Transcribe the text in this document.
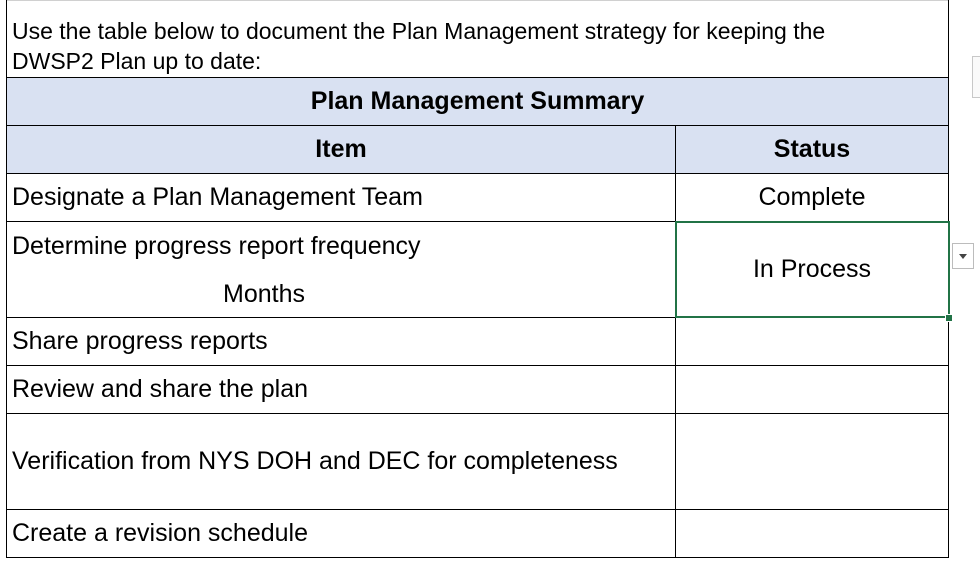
Use the table below to document the Plan Management strategy for keeping the
DWSP2 Plan up to date:
Plan Management Summary
Item	Status
Designate a Plan Management Team	Complete
Determine progress report frequency
Months
In Process
Share progress reports
Review and share the plan
Verification from NYS DOH and DEC for completeness
Create a revision schedule
